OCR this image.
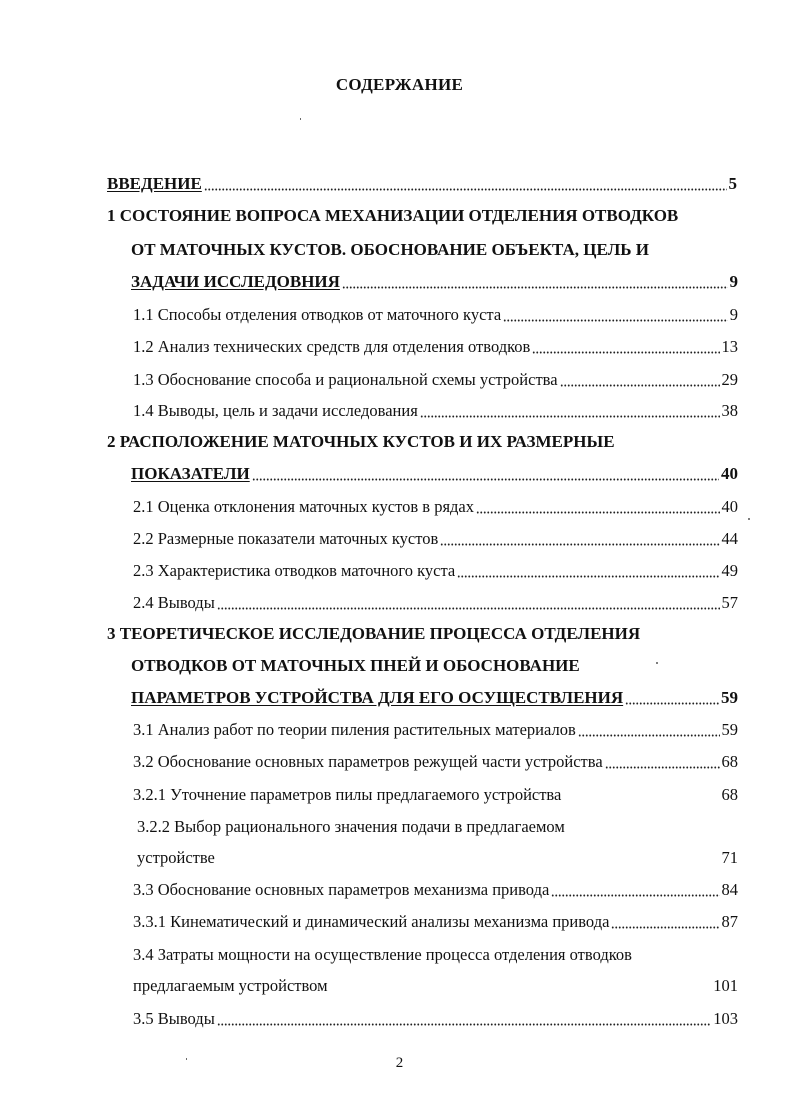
СОДЕРЖАНИЕ
ВВЕДЕНИЕ	5
1 СОСТОЯНИЕ ВОПРОСА МЕХАНИЗАЦИИ ОТДЕЛЕНИЯ ОТВОДКОВ
ОТ МАТОЧНЫХ КУСТОВ. ОБОСНОВАНИЕ ОБЪЕКТА, ЦЕЛЬ И
ЗАДАЧИ ИССЛЕДОВНИЯ	9
1.1 Способы отделения отводков от маточного куста	9
1.2 Анализ технических средств для отделения отводков	13
1.3 Обоснование способа и рациональной схемы устройства	29
1.4 Выводы, цель и задачи исследования	38
2 РАСПОЛОЖЕНИЕ МАТОЧНЫХ КУСТОВ И ИХ РАЗМЕРНЫЕ
ПОКАЗАТЕЛИ	40
2.1 Оценка отклонения маточных кустов в рядах	40
2.2 Размерные показатели маточных кустов	44
2.3 Характеристика отводков маточного куста	49
2.4 Выводы	57
3 ТЕОРЕТИЧЕСКОЕ ИССЛЕДОВАНИЕ ПРОЦЕССА ОТДЕЛЕНИЯ
ОТВОДКОВ ОТ МАТОЧНЫХ ПНЕЙ И ОБОСНОВАНИЕ
ПАРАМЕТРОВ УСТРОЙСТВА ДЛЯ ЕГО ОСУЩЕСТВЛЕНИЯ	59
3.1 Анализ работ по теории пиления растительных материалов	59
3.2 Обоснование основных параметров режущей части устройства	68
3.2.1 Уточнение параметров пилы предлагаемого устройства	68
3.2.2 Выбор рационального значения подачи в предлагаемом
устройстве	71
3.3 Обоснование основных параметров механизма привода	84
3.3.1 Кинематический и динамический анализы механизма привода	87
3.4 Затраты мощности на осуществление процесса отделения отводков
предлагаемым устройством	101
3.5 Выводы	103
2
